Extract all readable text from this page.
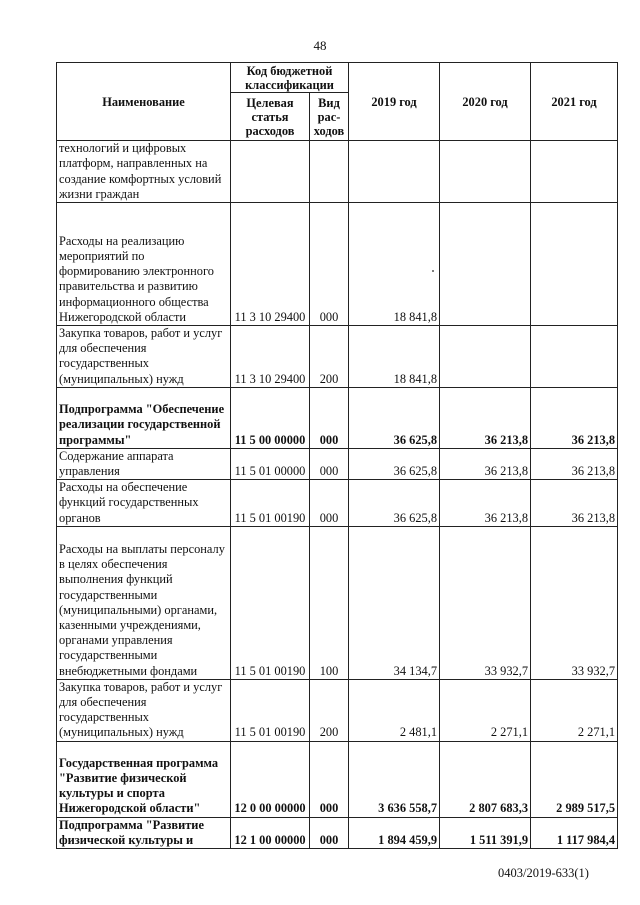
48
Наименование	Код бюджетной классификации		2019 год	2020 год	2021 год
	Целевая статья расходов	Вид рас-ходов			
технологий и цифровых платформ, направленных на создание комфортных условий жизни граждан					
Расходы на реализацию мероприятий по формированию электронного правительства и развитию информационного общества Нижегородской области	11 3 10 29400	000	18 841,8		
Закупка товаров, работ и услуг для обеспечения государственных (муниципальных) нужд	11 3 10 29400	200	18 841,8		
Подпрограмма "Обеспечение реализации государственной программы"	11 5 00 00000	000	36 625,8	36 213,8	36 213,8
Содержание аппарата управления	11 5 01 00000	000	36 625,8	36 213,8	36 213,8
Расходы на обеспечение функций государственных органов	11 5 01 00190	000	36 625,8	36 213,8	36 213,8
Расходы на выплаты персоналу в целях обеспечения выполнения функций государственными (муниципальными) органами, казенными учреждениями, органами управления государственными внебюджетными фондами	11 5 01 00190	100	34 134,7	33 932,7	33 932,7
Закупка товаров, работ и услуг для обеспечения государственных (муниципальных) нужд	11 5 01 00190	200	2 481,1	2 271,1	2 271,1
Государственная программа "Развитие физической культуры и спорта Нижегородской области"	12 0 00 00000	000	3 636 558,7	2 807 683,3	2 989 517,5
Подпрограмма "Развитие физической культуры и	12 1 00 00000	000	1 894 459,9	1 511 391,9	1 117 984,4
0403/2019-633(1)
